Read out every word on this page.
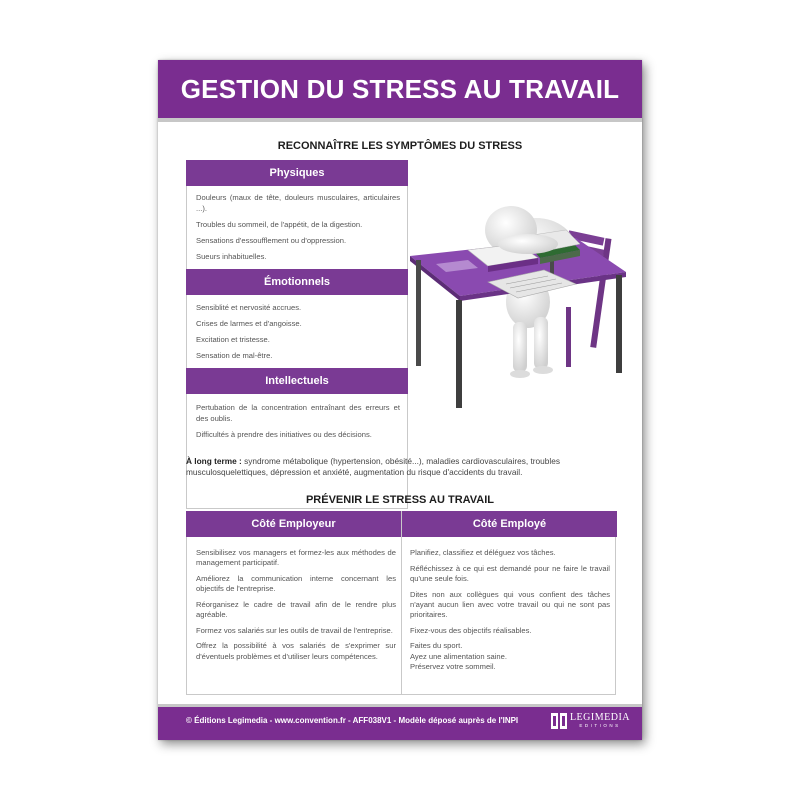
GESTION DU STRESS AU TRAVAIL
RECONNAÎTRE LES SYMPTÔMES DU STRESS
Physiques

Douleurs (maux de tête, douleurs musculaires, articulaires ...).

Troubles du sommeil, de l'appétit, de la digestion.

Sensations d'essoufflement ou d'oppression.

Sueurs inhabituelles.

Émotionnels

Sensiblité et nervosité accrues.

Crises de larmes et d'angoisse.

Excitation et tristesse.

Sensation de mal-être.

Intellectuels

Pertubation de la concentration entraînant des erreurs et des oublis.

Difficultés à prendre des initiatives ou des décisions.

À long terme : syndrome métabolique (hypertension, obésité...), maladies cardiovasculaires, troubles musculosquelettiques, dépression et anxiété, augmentation du risque d'accidents du travail.
PRÉVENIR LE STRESS AU TRAVAIL
Côté Employeur	Côté Employé

Sensibilisez vos managers et formez-les aux méthodes de management participatif.

Améliorez la communication interne concernant les objectifs de l'entreprise.

Réorganisez le cadre de travail afin de le rendre plus agréable.

Formez vos salariés sur les outils de travail de l'entreprise.

Offrez la possibilité à vos salariés de s'exprimer sur d'éventuels problèmes et d'utiliser leurs compétences.

Planifiez, classifiez et déléguez vos tâches.

Réfléchissez à ce qui est demandé pour ne faire le travail qu'une seule fois.

Dites non aux collègues qui vous confient des tâches n'ayant aucun lien avec votre travail ou qui ne sont pas prioritaires.

Fixez-vous des objectifs réalisables.

Faites du sport.

Ayez une alimentation saine.

Préservez votre sommeil.

© Éditions Legimedia - www.convention.fr - AFF038V1 - Modèle déposé auprès de l'INPI	LEGIMEDIA
EDITIONS
